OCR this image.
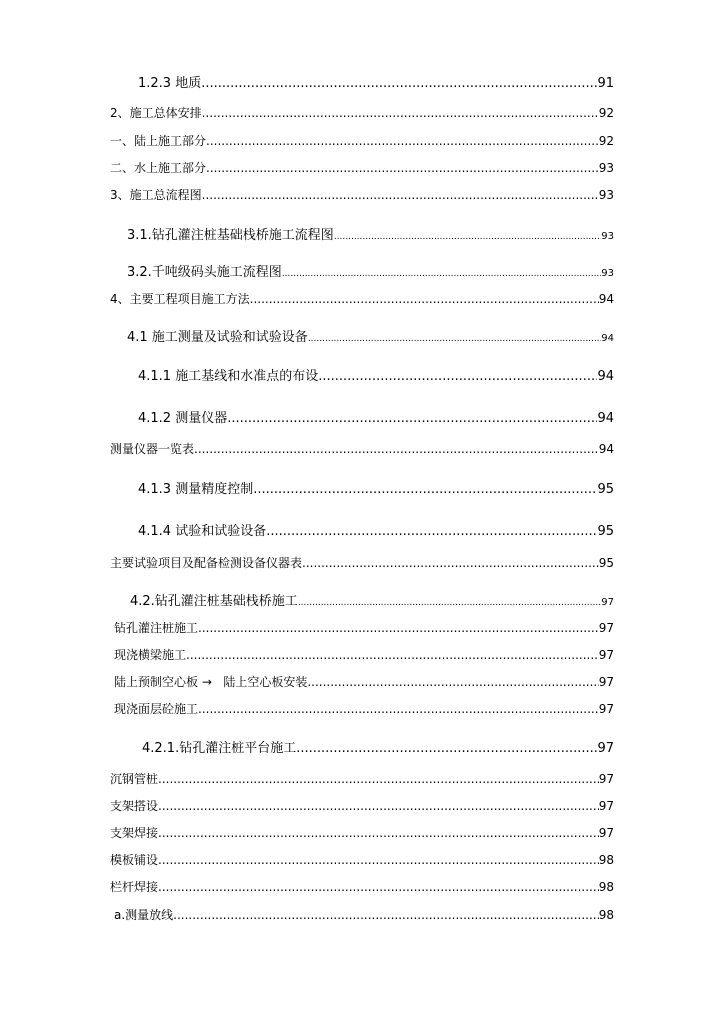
1.2.3 地质 .....	91
2、施工总体安排 .....	92
一、陆上施工部分 .....	92
二、水上施工部分 .....	93
3、施工总流程图 .....	93
3.1.钻孔灌注桩基础栈桥施工流程图 .....	93
3.2.千吨级码头施工流程图 .....	93
4、主要工程项目施工方法 .....	94
4.1 施工测量及试验和试验设备 .....	94
4.1.1 施工基线和水准点的布设 .....	94
4.1.2 测量仪器 .....	94
测量仪器一览表 .....	94
4.1.3 测量精度控制 .....	95
4.1.4 试验和试验设备 .....	95
主要试验项目及配备检测设备仪器表 .....	95
4.2.钻孔灌注桩基础栈桥施工 .....	97
钻孔灌注桩施工 .....	97
现浇横梁施工 .....	97
陆上预制空心板 →   陆上空心板安装 .....	97
现浇面层砼施工 .....	97
4.2.1.钻孔灌注桩平台施工 .....	97
沉钢管桩 .....	97
支架搭设 .....	97
支架焊接 .....	97
模板铺设 .....	98
栏杆焊接 .....	98
a.测量放线 .....	98
